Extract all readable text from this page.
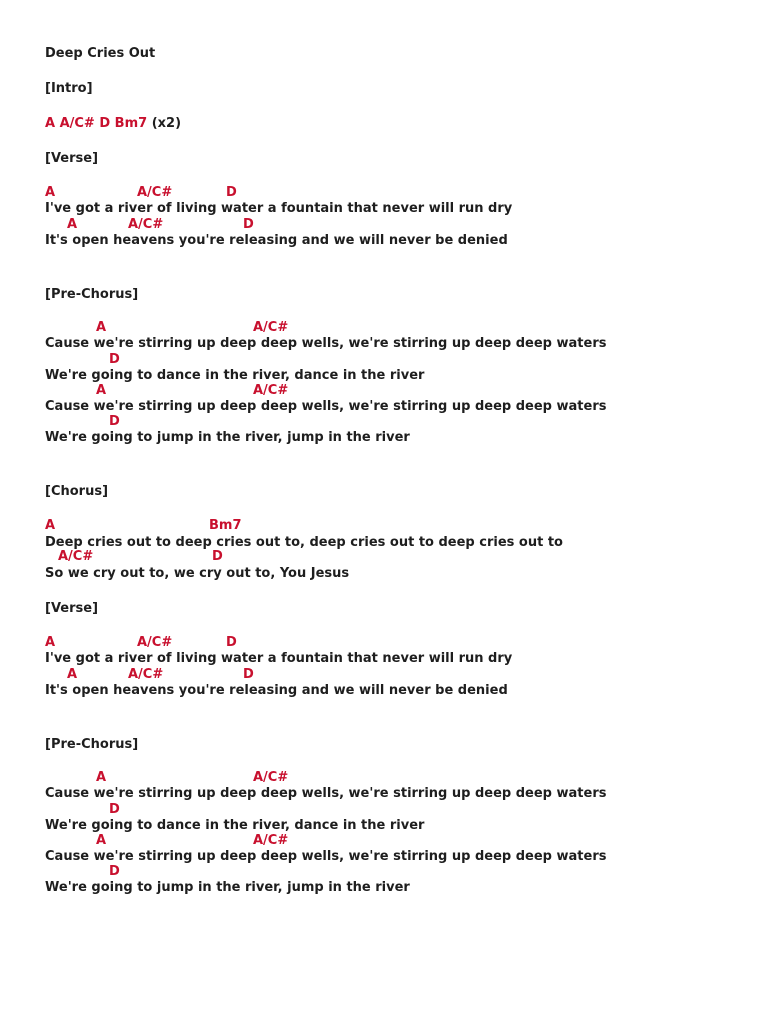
Deep Cries Out
[Intro]
A A/C# D Bm7 (x2)
[Verse]
A	A/C#	D
I've got a river of living water a fountain that never will run dry
A	A/C#	D
It's open heavens you're releasing and we will never be denied
[Pre-Chorus]
A	A/C#
Cause we're stirring up deep deep wells, we're stirring up deep deep waters
D
We're going to dance in the river, dance in the river
A	A/C#
Cause we're stirring up deep deep wells, we're stirring up deep deep waters
D
We're going to jump in the river, jump in the river
[Chorus]
A	Bm7
Deep cries out to deep cries out to, deep cries out to deep cries out to
A/C#	D
So we cry out to, we cry out to, You Jesus
[Verse]
A	A/C#	D
I've got a river of living water a fountain that never will run dry
A	A/C#	D
It's open heavens you're releasing and we will never be denied
[Pre-Chorus]
A	A/C#
Cause we're stirring up deep deep wells, we're stirring up deep deep waters
D
We're going to dance in the river, dance in the river
A	A/C#
Cause we're stirring up deep deep wells, we're stirring up deep deep waters
D
We're going to jump in the river, jump in the river
